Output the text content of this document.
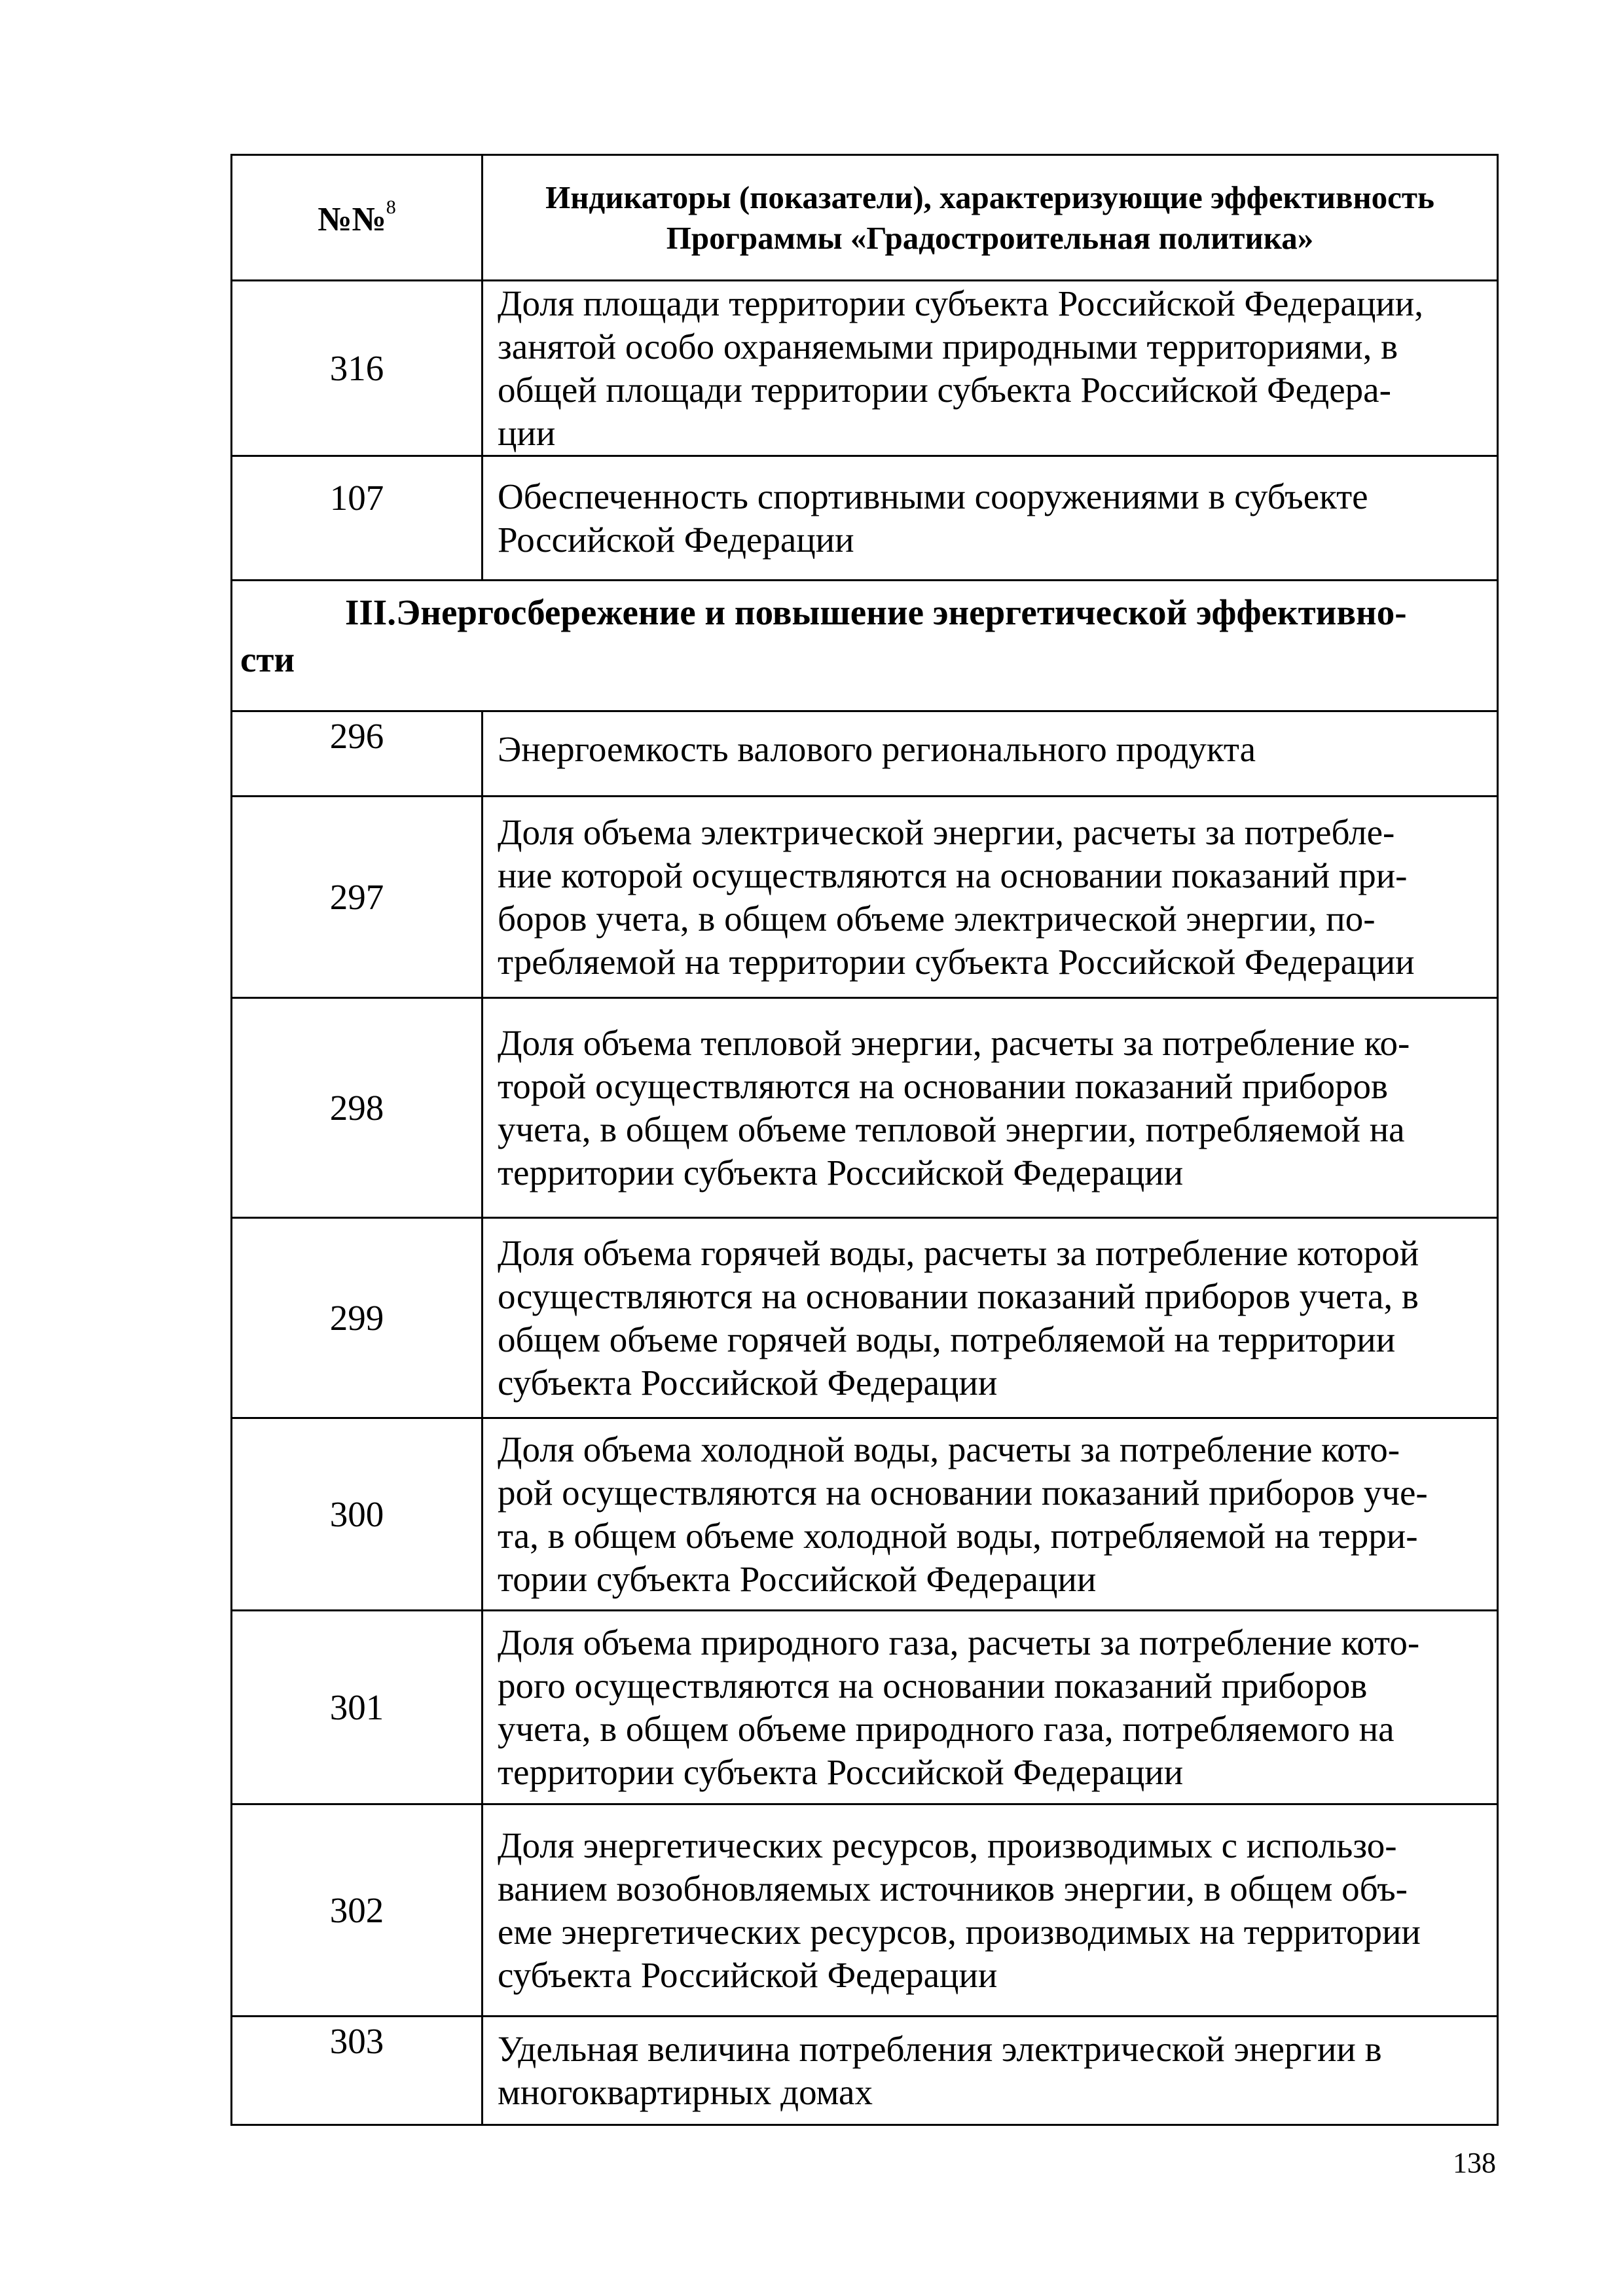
№№$^8$	Индикаторы (показатели), характеризующие эффективность
Программы «Градостроительная политика»

316	Доля площади территории субъекта Российской Федерации,
занятой особо охраняемыми природными территориями, в
общей площади территории субъекта Российской Федера-
ции

107	Обеспеченность спортивными сооружениями в субъекте
Российской Федерации

III.Энергосбережение и повышение энергетической эффективно-
сти	

296	Энергоемкость валового регионального продукта

297	Доля объема электрической энергии, расчеты за потребле-
ние которой осуществляются на основании показаний при-
боров учета, в общем объеме электрической энергии, по-
требляемой на территории субъекта Российской Федерации

298	Доля объема тепловой энергии, расчеты за потребление ко-
торой осуществляются на основании показаний приборов
учета, в общем объеме тепловой энергии, потребляемой на
территории субъекта Российской Федерации

299	Доля объема горячей воды, расчеты за потребление которой
осуществляются на основании показаний приборов учета, в
общем объеме горячей воды, потребляемой на территории
субъекта Российской Федерации

300	Доля объема холодной воды, расчеты за потребление кото-
рой осуществляются на основании показаний приборов уче-
та, в общем объеме холодной воды, потребляемой на терри-
тории субъекта Российской Федерации

301	Доля объема природного газа, расчеты за потребление кото-
рого осуществляются на основании показаний приборов
учета, в общем объеме природного газа, потребляемого на
территории субъекта Российской Федерации

302	Доля энергетических ресурсов, производимых с использо-
ванием возобновляемых источников энергии, в общем объ-
еме энергетических ресурсов, производимых на территории
субъекта Российской Федерации

303	Удельная величина потребления электрической энергии в
многоквартирных домах
138
